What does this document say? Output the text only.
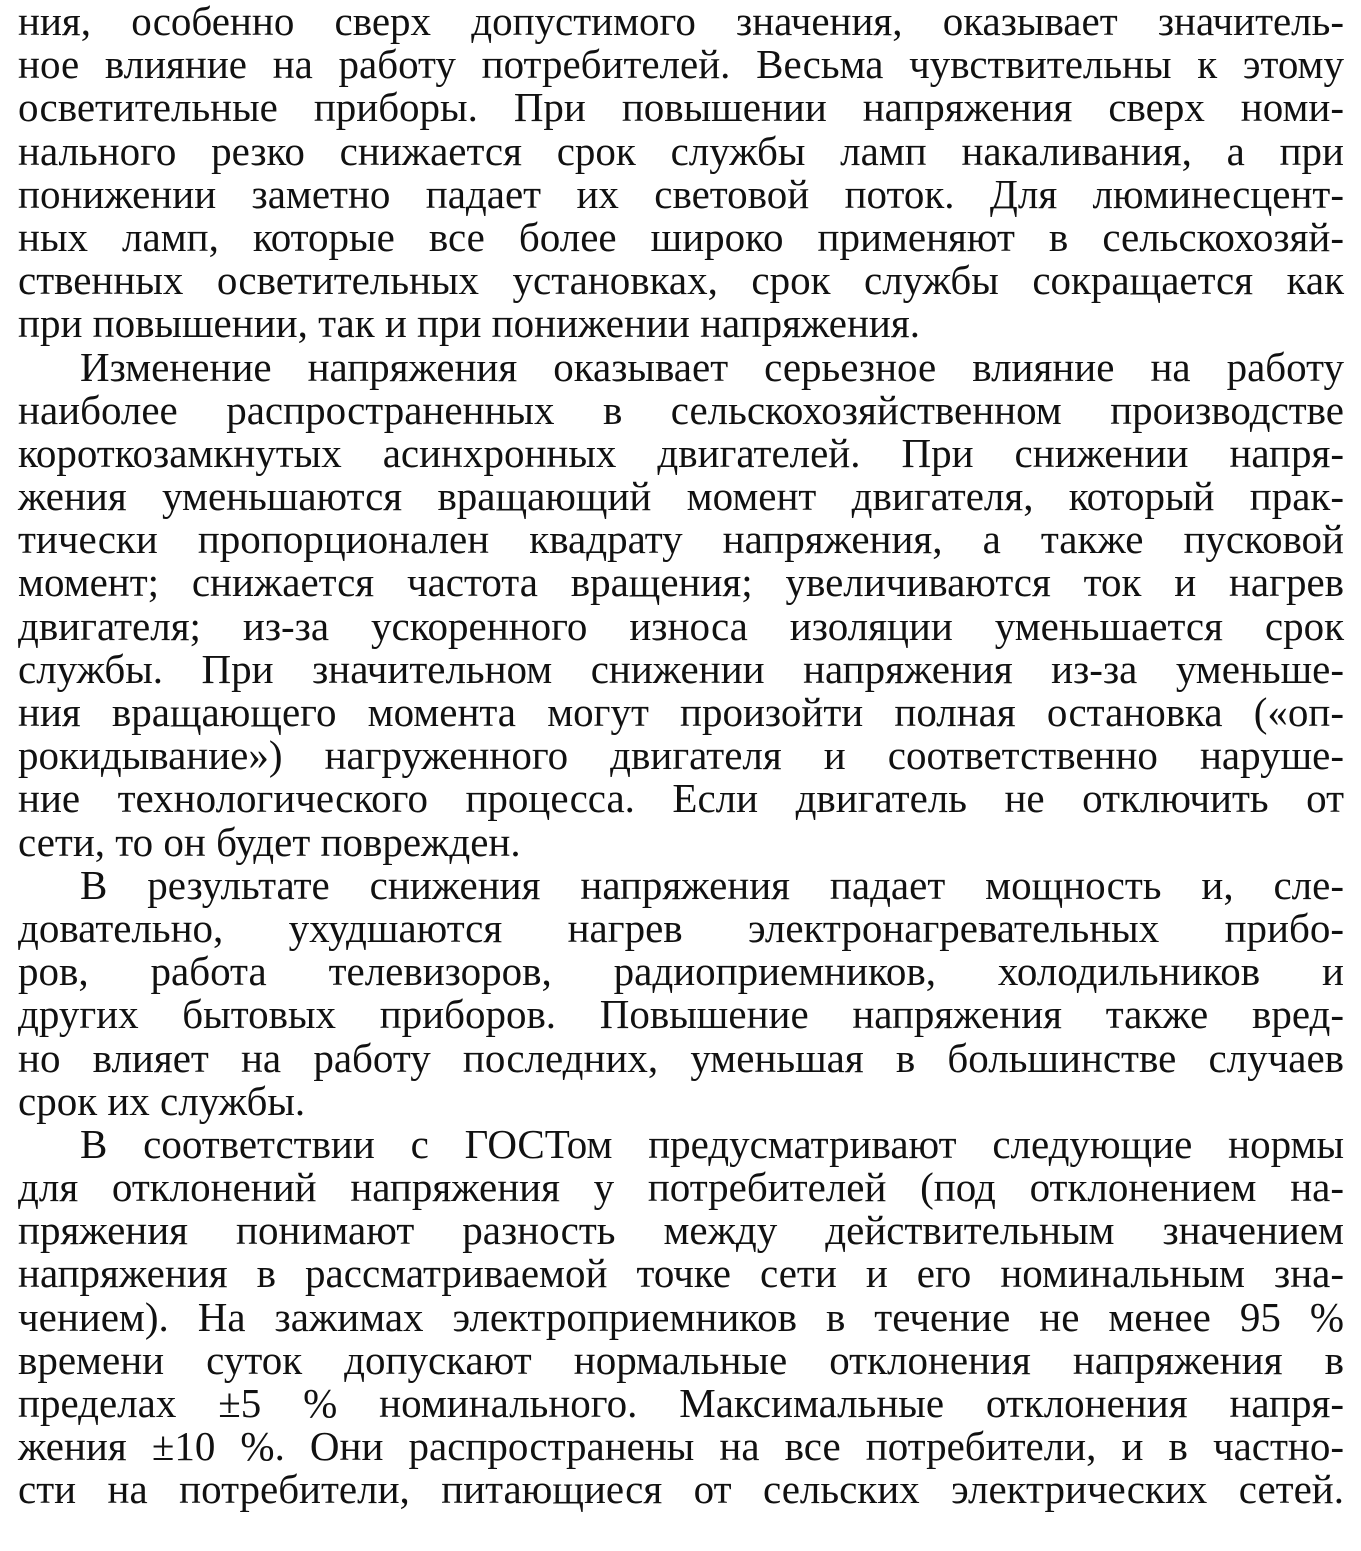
ния, особенно сверх допустимого значения, оказывает значитель-
ное влияние на работу потребителей. Весьма чувствительны к этому
осветительные приборы. При повышении напряжения сверх номи-
нального резко снижается срок службы ламп накаливания, а при
понижении заметно падает их световой поток. Для люминесцент-
ных ламп, которые все более широко применяют в сельскохозяй-
ственных осветительных установках, срок службы сокращается как
при повышении, так и при понижении напряжения.
Изменение напряжения оказывает серьезное влияние на работу
наиболее распространенных в сельскохозяйственном производстве
короткозамкнутых асинхронных двигателей. При снижении напря-
жения уменьшаются вращающий момент двигателя, который прак-
тически пропорционален квадрату напряжения, а также пусковой
момент; снижается частота вращения; увеличиваются ток и нагрев
двигателя; из-за ускоренного износа изоляции уменьшается срок
службы. При значительном снижении напряжения из-за уменьше-
ния вращающего момента могут произойти полная остановка («оп-
рокидывание») нагруженного двигателя и соответственно наруше-
ние технологического процесса. Если двигатель не отключить от
сети, то он будет поврежден.
В результате снижения напряжения падает мощность и, сле-
довательно, ухудшаются нагрев электронагревательных прибо-
ров, работа телевизоров, радиоприемников, холодильников и
других бытовых приборов. Повышение напряжения также вред-
но влияет на работу последних, уменьшая в большинстве случаев
срок их службы.
В соответствии с ГОСТом предусматривают следующие нормы
для отклонений напряжения у потребителей (под отклонением на-
пряжения понимают разность между действительным значением
напряжения в рассматриваемой точке сети и его номинальным зна-
чением). На зажимах электроприемников в течение не менее 95 %
времени суток допускают нормальные отклонения напряжения в
пределах ±5 % номинального. Максимальные отклонения напря-
жения ±10 %. Они распространены на все потребители, и в частно-
сти на потребители, питающиеся от сельских электрических сетей.
